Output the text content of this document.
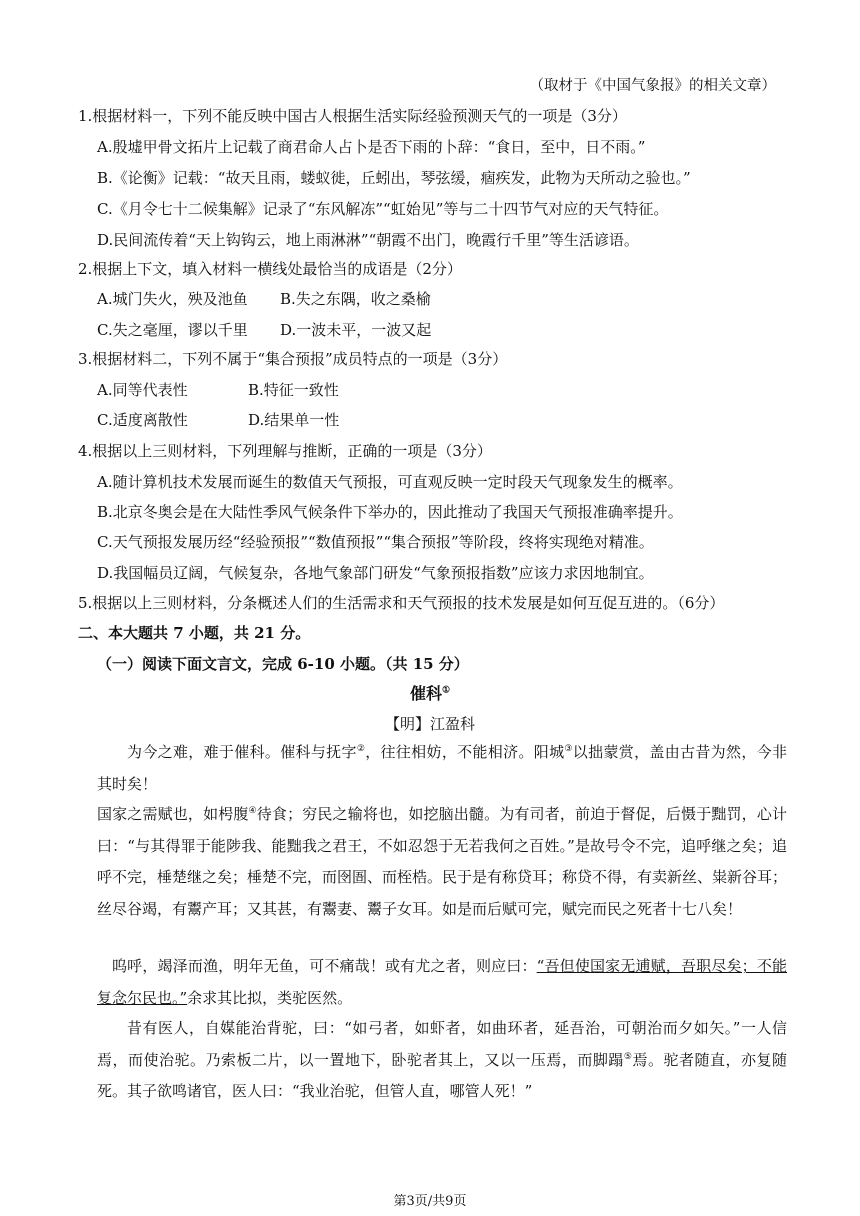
（取材于《中国气象报》的相关文章）
1.根据材料一，下列不能反映中国古人根据生活实际经验预测天气的一项是（3分）
A.殷墟甲骨文拓片上记载了商君命人占卜是否下雨的卜辞：“食日，至中，日不雨。”
B.《论衡》记载：“故天且雨，蝼蚁徙，丘蚓出，琴弦缓，痼疾发，此物为天所动之验也。”
C.《月令七十二候集解》记录了“东风解冻”“虹始见”等与二十四节气对应的天气特征。
D.民间流传着“天上钩钩云，地上雨淋淋”“朝霞不出门，晚霞行千里”等生活谚语。
2.根据上下文，填入材料一横线处最恰当的成语是（2分）
A.城门失火，殃及池鱼 B.失之东隅，收之桑榆
C.失之毫厘，谬以千里 D.一波未平，一波又起
3.根据材料二，下列不属于“集合预报”成员特点的一项是（3分）
A.同等代表性	B.特征一致性
C.适度离散性	D.结果单一性
4.根据以上三则材料，下列理解与推断，正确的一项是（3分）
A.随计算机技术发展而诞生的数值天气预报，可直观反映一定时段天气现象发生的概率。
B.北京冬奥会是在大陆性季风气候条件下举办的，因此推动了我国天气预报准确率提升。
C.天气预报发展历经“经验预报”“数值预报”“集合预报”等阶段，终将实现绝对精准。
D.我国幅员辽阔，气候复杂，各地气象部门研发“气象预报指数”应该力求因地制宜。
5.根据以上三则材料，分条概述人们的生活需求和天气预报的技术发展是如何互促互进的。（6分）
二、本大题共 7 小题，共 21 分。
（一）阅读下面文言文，完成 6-10 小题。（共 15 分）
催科①
【明】江盈科
为今之难，难于催科。催科与抚字②，往往相妨，不能相济。阳城③以拙蒙赏，盖由古昔为然，今非其时矣！
国家之需赋也，如枵腹④待食；穷民之输将也，如挖脑出髓。为有司者，前迫于督促，后慑于黜罚，心计曰：“与其得罪于能陟我、能黜我之君王，不如忍怨于无若我何之百姓。”是故号令不完，追呼继之矣；追呼不完，棰楚继之矣；棰楚不完，而囹圄、而桎梏。民于是有称贷耳；称贷不得，有卖新丝、粜新谷耳；丝尽谷竭，有鬻产耳；又其甚，有鬻妻、鬻子女耳。如是而后赋可完，赋完而民之死者十七八矣！
呜呼，竭泽而渔，明年无鱼，可不痛哉！或有尤之者，则应曰：“吾但使国家无逋赋，吾职尽矣；不能复念尔民也。”余求其比拟，类驼医然。
昔有医人，自媒能治背驼，曰：“如弓者，如虾者，如曲环者，延吾治，可朝治而夕如矢。”一人信焉，而使治驼。乃索板二片，以一置地下，卧驼者其上，又以一压焉，而脚蹋⑤焉。驼者随直，亦复随死。其子欲鸣诸官，医人曰：“我业治驼，但管人直，哪管人死！”
第3页/共9页
